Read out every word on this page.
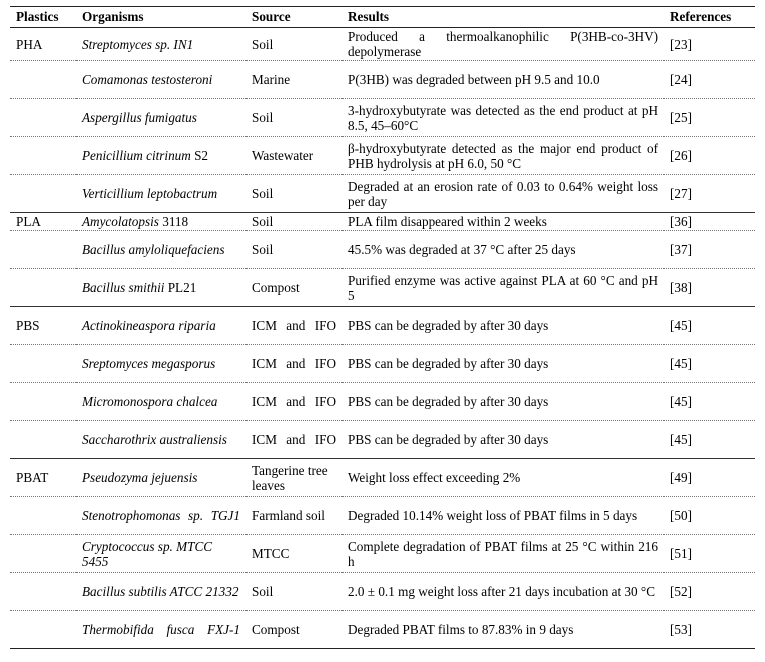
Plastics	Organisms	Source	Results	References
PHA	Streptomyces sp. IN1	Soil	Produced a thermoalkanophilic P(3HB-co-3HV) depolymerase	[23]
	Comamonas testosteroni	Marine	P(3HB) was degraded between pH 9.5 and 10.0	[24]
	Aspergillus fumigatus	Soil	3-hydroxybutyrate was detected as the end product at pH 8.5, 45–60°C	[25]
	Penicillium citrinum S2	Wastewater	β-hydroxybutyrate detected as the major end product of PHB hydrolysis at pH 6.0, 50 °C	[26]
	Verticillium leptobactrum	Soil	Degraded at an erosion rate of 0.03 to 0.64% weight loss per day	[27]
PLA	Amycolatopsis 3118	Soil	PLA film disappeared within 2 weeks	[36]
	Bacillus amyloliquefaciens	Soil	45.5% was degraded at 37 °C after 25 days	[37]
	Bacillus smithii PL21	Compost	Purified enzyme was active against PLA at 60 °C and pH 5	[38]
PBS	Actinokineaspora riparia	ICM and IFO	PBS can be degraded by after 30 days	[45]
	Sreptomyces megasporus	ICM and IFO	PBS can be degraded by after 30 days	[45]
	Micromonospora chalcea	ICM and IFO	PBS can be degraded by after 30 days	[45]
	Saccharothrix australiensis	ICM and IFO	PBS can be degraded by after 30 days	[45]
PBAT	Pseudozyma jejuensis	Tangerine tree leaves	Weight loss effect exceeding 2%	[49]
	Stenotrophomonas sp. TGJ1	Farmland soil	Degraded 10.14% weight loss of PBAT films in 5 days	[50]
	Cryptococcus sp. MTCC 5455	MTCC	Complete degradation of PBAT films at 25 °C within 216 h	[51]
	Bacillus subtilis ATCC 21332	Soil	2.0 ± 0.1 mg weight loss after 21 days incubation at 30 °C	[52]
	Thermobifida fusca FXJ-1	Compost	Degraded PBAT films to 87.83% in 9 days	[53]
